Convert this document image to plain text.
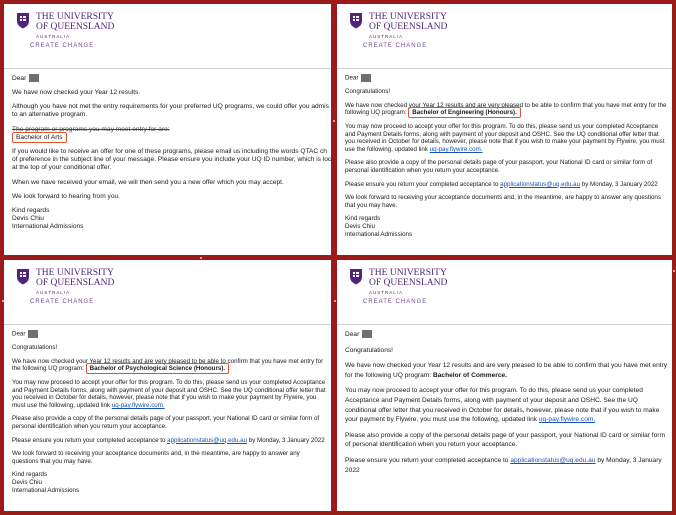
THE UNIVERSITY
OF QUEENSLAND
AUSTRALIA
CREATE CHANGE

Dear

We have now checked your Year 12 results.

Although you have not met the entry requirements for your preferred UQ programs, we could offer you admis
to an alternative program.

The program or programs you may meet entry for are:
Bachelor of Arts

If you would like to receive an offer for one of these programs, please email us including the words QTAC ch
of preference in the subject line of your message. Please ensure you include your UQ ID number, which is loc
at the top of your conditional offer.

When we have received your email, we will then send you a new offer which you may accept.

We look forward to hearing from you.

Kind regards
Devis Chiu
International Admissions

THE UNIVERSITY
OF QUEENSLAND
AUSTRALIA
CREATE CHANGE

Dear

Congratulations!

We have now checked your Year 12 results and are very pleased to be able to confirm that you have met entry for the following UQ program: Bachelor of Engineering (Honours).

You may now proceed to accept your offer for this program. To do this, please send us your completed Acceptance and Payment Details forms, along with payment of your deposit and OSHC. See the UQ conditional offer letter that you received in October for details, however, please note that if you wish to make your payment by Flywire, you must use the following, updated link uq-pay.flywire.com.

Please also provide a copy of the personal details page of your passport, your National ID card or similar form of personal identification when you return your acceptance.

Please ensure you return your completed acceptance to applicationstatus@uq.edu.au by Monday, 3 January 2022

We look forward to receiving your acceptance documents and, in the meantime, are happy to answer any questions that you may have.

Kind regards
Devis Chiu
International Admissions

THE UNIVERSITY
OF QUEENSLAND
AUSTRALIA
CREATE CHANGE

Dear

Congratulations!

We have now checked your Year 12 results and are very pleased to be able to confirm that you have met entry for the following UQ program: Bachelor of Psychological Science (Honours).

You may now proceed to accept your offer for this program. To do this, please send us your completed Acceptance and Payment Details forms, along with payment of your deposit and OSHC. See the UQ conditional offer letter that you received in October for details, however, please note that if you wish to make your payment by Flywire, you must use the following, updated link uq-pay.flywire.com.

Please also provide a copy of the personal details page of your passport, your National ID card or similar form of personal identification when you return your acceptance.

Please ensure you return your completed acceptance to applicationstatus@uq.edu.au by Monday, 3 January 2022

We look forward to receiving your acceptance documents and, in the meantime, are happy to answer any questions that you may have.

Kind regards
Devis Chiu
International Admissions

THE UNIVERSITY
OF QUEENSLAND
AUSTRALIA
CREATE CHANGE

Dear

Congratulations!

We have now checked your Year 12 results and are very pleased to be able to confirm that you have met entry for the following UQ program: Bachelor of Commerce.

You may now proceed to accept your offer for this program. To do this, please send us your completed Acceptance and Payment Details forms, along with payment of your deposit and OSHC. See the UQ conditional offer letter that you received in October for details, however, please note that if you wish to make your payment by Flywire, you must use the following, updated link uq-pay.flywire.com.

Please also provide a copy of the personal details page of your passport, your National ID card or similar form of personal identification when you return your acceptance.

Please ensure you return your completed acceptance to applicationstatus@uq.edu.au by Monday, 3 January 2022
